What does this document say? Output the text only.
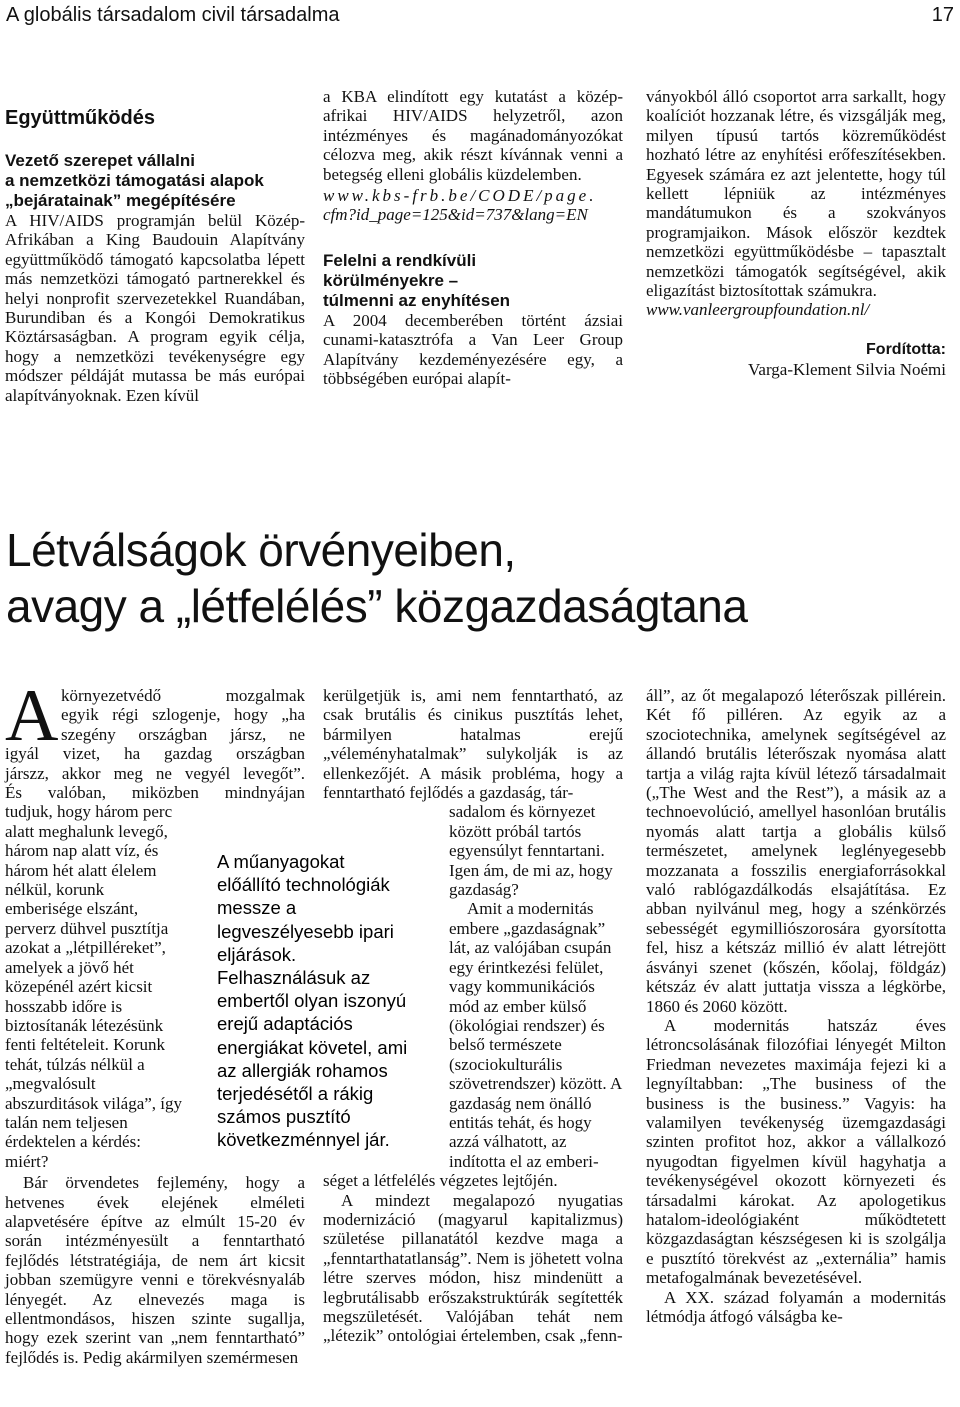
A globális társadalom civil társadalma	17
Együttműködés

Vezető szerepet vállalni

a nemzetközi támogatási alapok

„bejáratainak” megépítésére

A HIV/AIDS programján belül Közép-Afrikában a King Baudouin Alapítvány együttműködő támogató kapcsolatba lépett más nemzetközi támogató partnerekkel és helyi nonprofit szervezetekkel Ruandában, Burundiban és a Kongói Demokratikus Köztársaságban. A program egyik célja, hogy a nemzetközi tevékenységre egy módszer példáját mutassa be más európai alapítványoknak. Ezen kívül

a KBA elindított egy kutatást a közép-afrikai HIV/AIDS helyzetről, azon intézményes és magánadományozókat célozva meg, akik részt kívánnak venni a betegség elleni globális küzdelemben.

www.kbs-frb.be/CODE/page.

cfm?id_page=125&id=737&lang=EN

Felelni a rendkívüli

körülményekre –

túlmenni az enyhítésen

A 2004 decemberében történt ázsiai cunami-katasztrófa a Van Leer Group Alapítvány kezdeményezésére egy, a többségében európai alapít-

ványokból álló csoportot arra sarkallt, hogy koalíciót hozzanak létre, és vizsgálják meg, milyen típusú tartós közreműködést hozható létre az enyhítési erőfeszítésekben. Egyesek számára ez azt jelentette, hogy túl kellett lépniük az intézményes mandátumukon és a szokványos programjaikon. Mások először kezdtek nemzetközi együttműködésbe – tapasztalt nemzetközi támogatók segítségével, akik eligazítást biztosítottak számukra.

www.vanleergroupfoundation.nl/

Fordította:

Varga-Klement Silvia Noémi

Létválságok örvényeiben,
avagy a „létfelélés” közgazdaságtana
A környezetvédő mozgalmak
egyik régi szlogenje, hogy „ha
szegény országban jársz, ne
igyál vizet, ha gazdag országban
járszz, akkor meg ne vegyél levegőt”.
És valóban, miközben mindnyájan

tudjuk, hogy három perc alatt meghalunk levegő, három nap alatt víz, és három hét alatt élelem nélkül, korunk emberisége elszánt, perverz dühvel pusztítja azokat a „létpilléreket”, amelyek a jövő hét közepénél azért kicsit hosszabb időre is biztosítanák létezésünk fenti feltételeit. Korunk tehát, túlzás nélkül a „megvalósult abszurditások világa”, így talán nem teljesen érdektelen a kérdés: miért?

Bár örvendetes fejlemény, hogy a hetvenes évek elejének elméleti alapvetésére építve az elmúlt 15-20 év során intézményesült a fenntartható fejlődés létstratégiája, de nem árt kicsit jobban szemügyre venni e törekvésnyaláb lényegét. Az elnevezés maga is ellentmondásos, hiszen szinte sugallja, hogy ezek szerint van „nem fenntartható” fejlődés is. Pedig akármilyen szemérmesen

A műanyagokat előállító technológiák messze a legveszélyesebb ipari eljárások. Felhasználásuk az embertől olyan iszonyú erejű adaptációs energiákat követel, ami az allergiák rohamos terjedésétől a rákig számos pusztító következménnyel jár.

kerülgetjük is, ami nem fenntartható, az csak brutális és cinikus pusztítás lehet, bármilyen hatalmas erejű „véleményhatalmak” sulykolják is az ellenkezőjét. A másik probléma, hogy a fenntartható fejlődés a gazdaság, tár-

sadalom és környezet között próbál tartós egyensúlyt fenntartani. Igen ám, de mi az, hogy gazdaság?

Amit a modernitás embere „gazdaságnak” lát, az valójában csupán egy érintkezési felület, vagy kommunikációs mód az ember külső (ökológiai rendszer) és belső természete (szociokulturális szövetrendszer) között. A gazdaság nem önálló entitás tehát, és hogy azzá válhatott, az indította el az emberi-

séget a létfelélés végzetes lejtőjén.

A mindezt megalapozó nyugatias modernizáció (magyarul kapitalizmus) születése pillanatától kezdve maga a „fenntarthatatlanság”. Nem is jöhetett volna létre szerves módon, hisz mindenütt a legbrutálisabb erőszakstruktúrák segítették megszületését. Valójában tehát nem „létezik” ontológiai értelemben, csak „fenn-

áll”, az őt megalapozó léterőszak pillérein. Két fő pilléren. Az egyik az a szociotechnika, amelynek segítségével az állandó brutális léterőszak nyomása alatt tartja a világ rajta kívül létező társadalmait („The West and the Rest”), a másik az a technoevolúció, amellyel hasonlóan brutális nyomás alatt tartja a globális külső természetet, amelynek leglényegesebb mozzanata a fosszilis energiaforrásokkal való rablógazdálkodás elsajátítása. Ez abban nyilvánul meg, hogy a szénkörzés sebességét egymilliószorosára gyorsította fel, hisz a kétszáz millió év alatt létrejött ásványi szenet (kőszén, kőolaj, földgáz) kétszáz év alatt juttatja vissza a légkörbe, 1860 és 2060 között.

A modernitás hatszáz éves létroncsolásának filozófiai lényegét Milton Friedman nevezetes maximája fejezi ki a legnyíltabban: „The business of the business is the business.” Vagyis: ha valamilyen tevékenység üzemgazdasági szinten profitot hoz, akkor a vállalkozó nyugodtan figyelmen kívül hagyhatja a tevékenységével okozott környezeti és társadalmi károkat. Az apologetikus hatalom-ideológiaként működtetett közgazdaságtan készségesen ki is szolgálja e pusztító törekvést az „externália” hamis metafogalmának bevezetésével.

A XX. század folyamán a modernitás létmódja átfogó válságba ke-
